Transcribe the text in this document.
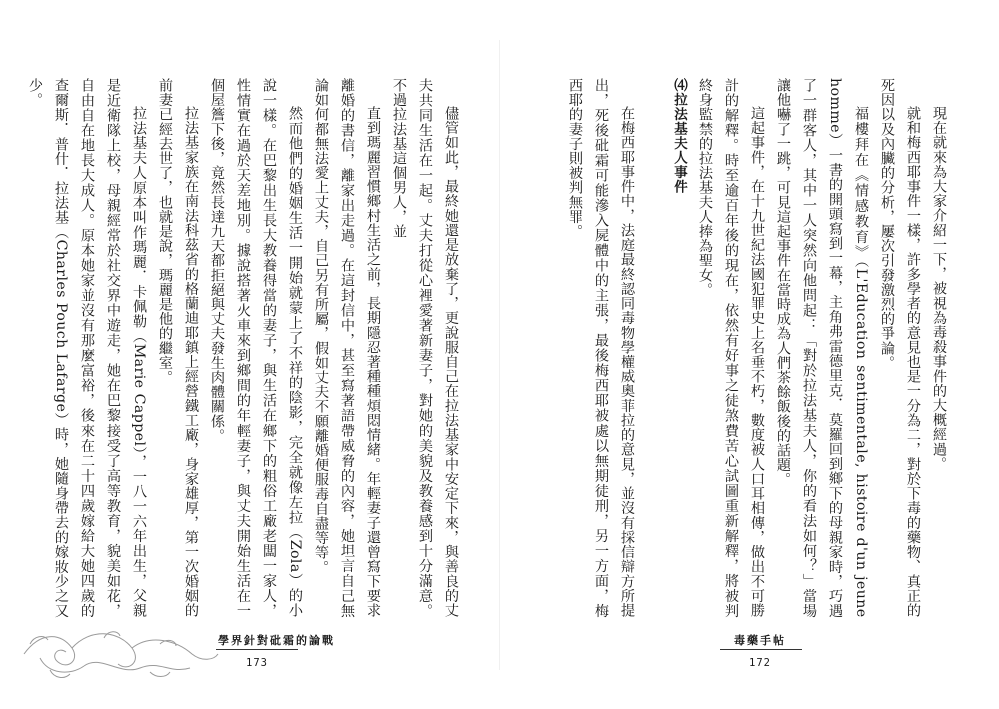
儘管如此，最終她還是放棄了，更說服自己在拉法基家中安定下來，與善良的丈夫共同生活在一起。丈夫打從心裡愛著新妻子，對她的美貌及教養感到十分滿意。不過拉法基這個男人，並

直到瑪麗習慣鄉村生活之前，長期隱忍著種種煩悶情緒。年輕妻子還曾寫下要求離婚的書信，離家出走過。在這封信中，甚至寫著語帶威脅的內容，她坦言自己無論如何都無法愛上丈夫，自己另有所屬，假如丈夫不願離婚便服毒自盡等等。

然而他們的婚姻生活一開始就蒙上了不祥的陰影，完全就像左拉（Zola）的小說一樣。在巴黎出生長大教養得當的妻子，與生活在鄉下的粗俗工廠老闆一家人，性情實在過於天差地別。據說搭著火車來到鄉間的年輕妻子，與丈夫開始生活在一個屋簷下後，竟然長達九天都拒絕與丈夫發生肉體關係。

拉法基家族在南法科茲省的格蘭迪耶鎮上經營鐵工廠，身家雄厚，第一次婚姻的前妻已經去世了，也就是說，瑪麗是他的繼室。

拉法基夫人原本叫作瑪麗．卡佩勒（Marie Cappel），一八一六年出生，父親是近衛隊上校，母親經常於社交界中遊走，她在巴黎接受了高等教育，貌美如花，自由自在地長大成人。原本她家並沒有那麼富裕，後來在二十四歲嫁給大她四歲的查爾斯．普什．拉法基（Charles Pouch Lafarge）時，她隨身帶去的嫁妝少之又少。

學界針對砒霜的論戰
173

現在就來為大家介紹一下，被視為毒殺事件的大概經過。

就和梅西耶事件一樣，許多學者的意見也是一分為二，對於下毒的藥物、真正的死因以及內臟的分析，屢次引發激烈的爭論。

福樓拜在《情感教育》（L'Education sentimentale, histoire d'un jeune homme）一書的開頭寫到一幕，主角弗雷德里克．莫羅回到鄉下的母親家時，巧遇了一群客人，其中一人突然向他問起：「對於拉法基夫人，你的看法如何？」當場讓他嚇了一跳，可見這起事件在當時成為人們茶餘飯後的話題。

這起事件，在十九世紀法國犯罪史上名垂不朽，數度被人口耳相傳，做出不可勝計的解釋。時至逾百年後的現在，依然有好事之徒煞費苦心試圖重新解釋，將被判終身監禁的拉法基夫人捧為聖女。

⑷拉法基夫人事件

在梅西耶事件中，法庭最終認同毒物學權威奧菲拉的意見，並沒有採信辯方所提出，死後砒霜可能滲入屍體中的主張，最後梅西耶被處以無期徒刑，另一方面，梅西耶的妻子則被判無罪。

毒藥手帖
172
